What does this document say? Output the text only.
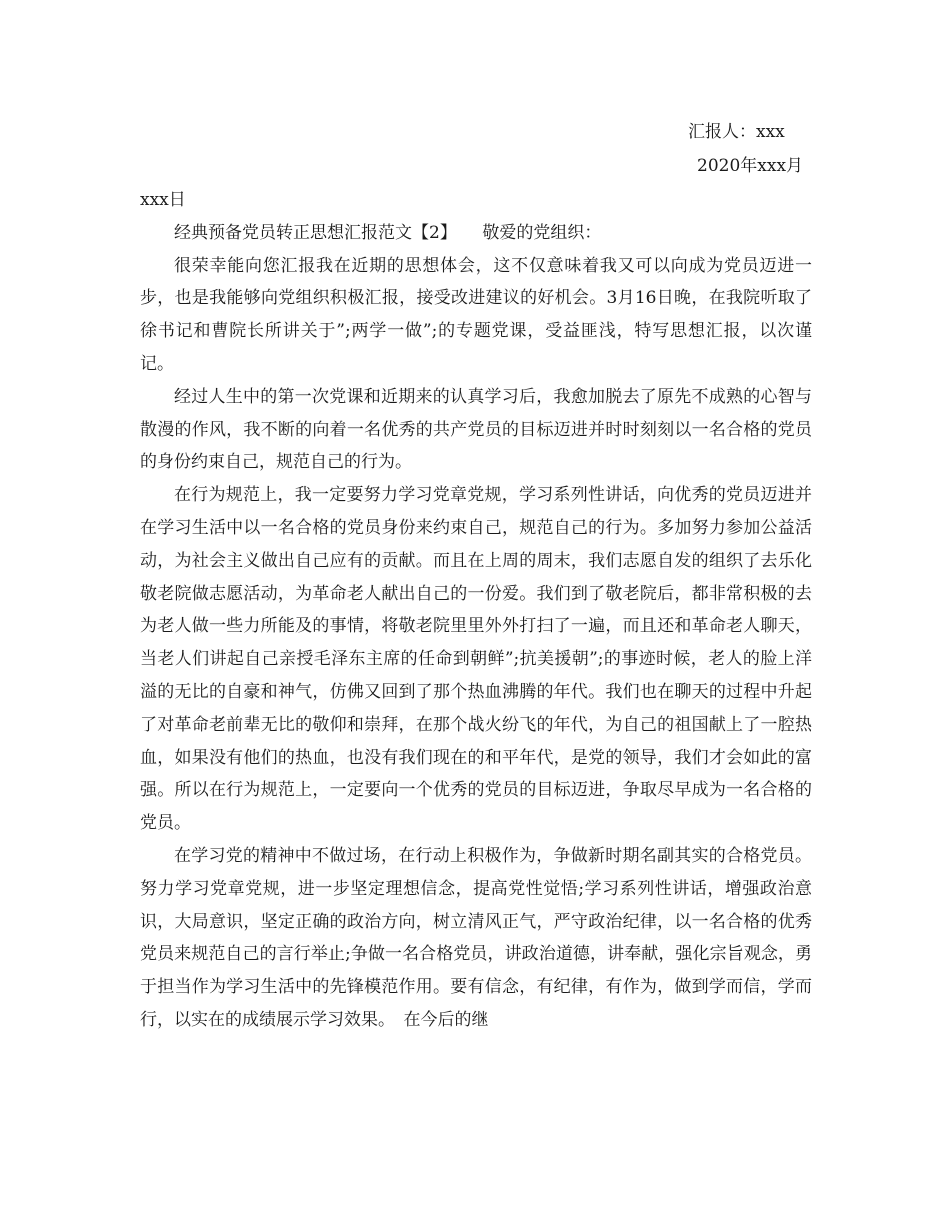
汇报人：xxx
2020年xxx月

xxx日

经典预备党员转正思想汇报范文【2】　　敬爱的党组织：

很荣幸能向您汇报我在近期的思想体会，这不仅意味着我又可以向成为党员迈进一步，也是我能够向党组织积极汇报，接受改进建议的好机会。3月16日晚，在我院听取了徐书记和曹院长所讲关于”;两学一做”;的专题党课，受益匪浅，特写思想汇报，以次谨记。

经过人生中的第一次党课和近期来的认真学习后，我愈加脱去了原先不成熟的心智与散漫的作风，我不断的向着一名优秀的共产党员的目标迈进并时时刻刻以一名合格的党员的身份约束自己，规范自己的行为。

在行为规范上，我一定要努力学习党章党规，学习系列性讲话，向优秀的党员迈进并在学习生活中以一名合格的党员身份来约束自己，规范自己的行为。多加努力参加公益活动，为社会主义做出自己应有的贡献。而且在上周的周末，我们志愿自发的组织了去乐化敬老院做志愿活动，为革命老人献出自己的一份爱。我们到了敬老院后，都非常积极的去为老人做一些力所能及的事情，将敬老院里里外外打扫了一遍，而且还和革命老人聊天，当老人们讲起自己亲授毛泽东主席的任命到朝鲜”;抗美援朝”;的事迹时候，老人的脸上洋溢的无比的自豪和神气，仿佛又回到了那个热血沸腾的年代。我们也在聊天的过程中升起了对革命老前辈无比的敬仰和崇拜，在那个战火纷飞的年代，为自己的祖国献上了一腔热血，如果没有他们的热血，也没有我们现在的和平年代，是党的领导，我们才会如此的富强。所以在行为规范上，一定要向一个优秀的党员的目标迈进，争取尽早成为一名合格的党员。

在学习党的精神中不做过场，在行动上积极作为，争做新时期名副其实的合格党员。努力学习党章党规，进一步坚定理想信念，提高党性觉悟;学习系列性讲话，增强政治意识，大局意识，坚定正确的政治方向，树立清风正气，严守政治纪律，以一名合格的优秀党员来规范自己的言行举止;争做一名合格党员，讲政治道德，讲奉献，强化宗旨观念，勇于担当作为学习生活中的先锋模范作用。要有信念，有纪律，有作为，做到学而信，学而行，以实在的成绩展示学习效果。　在今后的继
